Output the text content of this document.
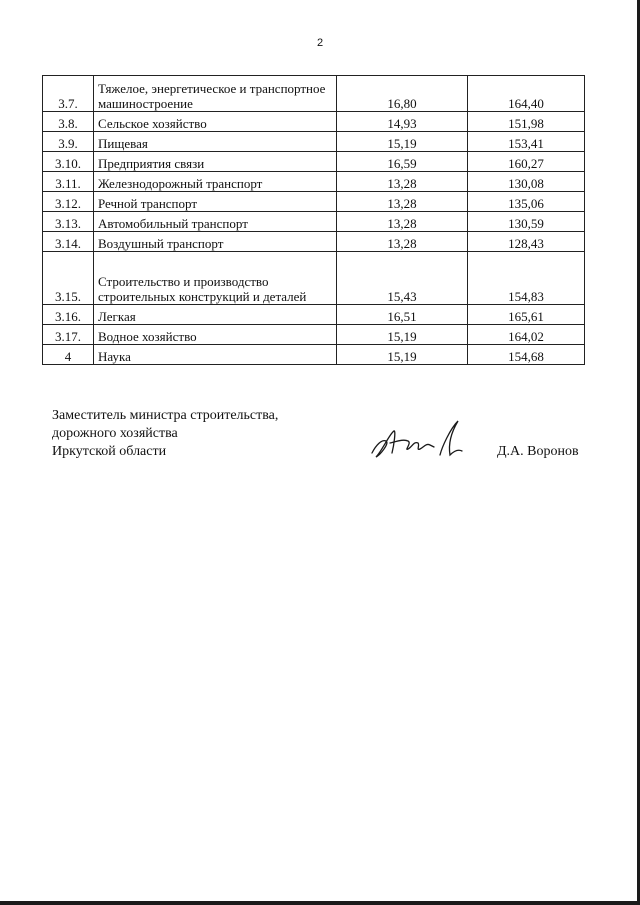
2
3.7.	Тяжелое, энергетическое и транспортное машиностроение	16,80	164,40
3.8.	Сельское хозяйство	14,93	151,98
3.9.	Пищевая	15,19	153,41
3.10.	Предприятия связи	16,59	160,27
3.11.	Железнодорожный транспорт	13,28	130,08
3.12.	Речной транспорт	13,28	135,06
3.13.	Автомобильный транспорт	13,28	130,59
3.14.	Воздушный транспорт	13,28	128,43
3.15.	Строительство и производство строительных конструкций и деталей	15,43	154,83
3.16.	Легкая	16,51	165,61
3.17.	Водное хозяйство	15,19	164,02
4	Наука	15,19	154,68
Заместитель министра строительства,
дорожного хозяйства
Иркутской области	Д.А. Воронов
